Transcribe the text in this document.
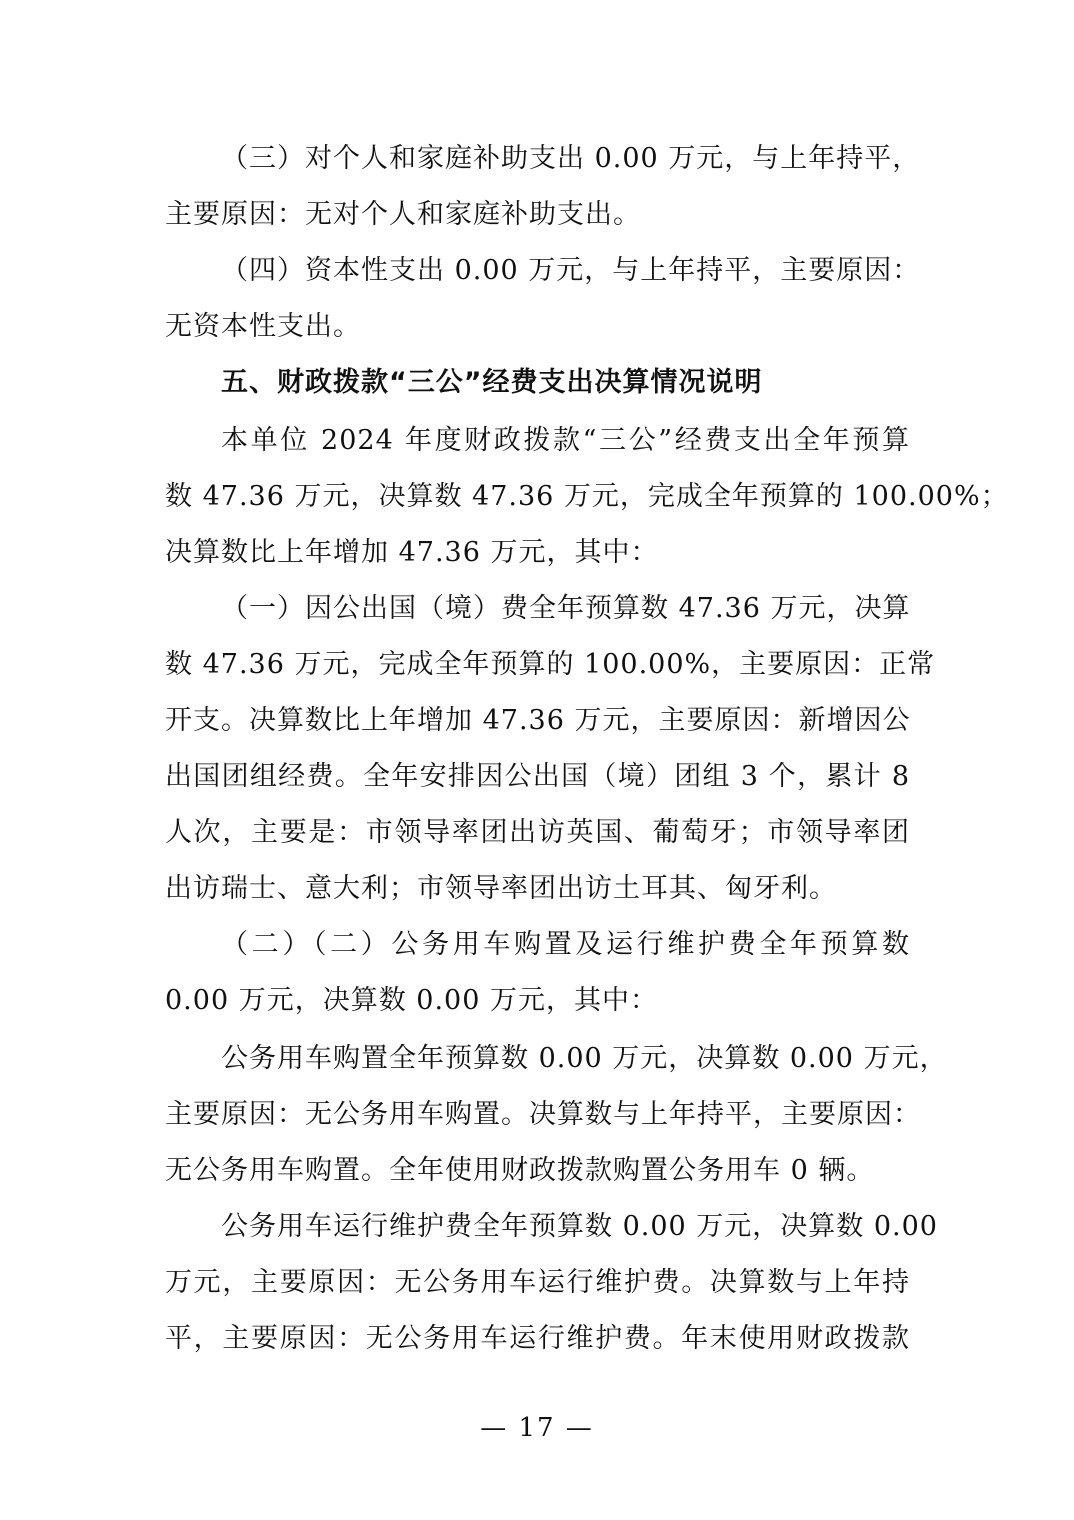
（三）对个人和家庭补助支出 0.00 万元，与上年持平，

主要原因：无对个人和家庭补助支出。

（四）资本性支出 0.00 万元，与上年持平，主要原因：

无资本性支出。

五、财政拨款“三公”经费支出决算情况说明

本单位 2024 年度财政拨款“三公”经费支出全年预算

数 47.36 万元，决算数 47.36 万元，完成全年预算的 100.00%；

决算数比上年增加 47.36 万元，其中：

（一）因公出国（境）费全年预算数 47.36 万元，决算

数 47.36 万元，完成全年预算的 100.00%，主要原因：正常

开支。决算数比上年增加 47.36 万元，主要原因：新增因公

出国团组经费。全年安排因公出国（境）团组 3 个，累计 8

人次，主要是：市领导率团出访英国、葡萄牙；市领导率团

出访瑞士、意大利；市领导率团出访土耳其、匈牙利。

（二）（二）公务用车购置及运行维护费全年预算数

0.00 万元，决算数 0.00 万元，其中：

公务用车购置全年预算数 0.00 万元，决算数 0.00 万元，

主要原因：无公务用车购置。决算数与上年持平，主要原因：

无公务用车购置。全年使用财政拨款购置公务用车 0 辆。

公务用车运行维护费全年预算数 0.00 万元，决算数 0.00

万元，主要原因：无公务用车运行维护费。决算数与上年持

平，主要原因：无公务用车运行维护费。年末使用财政拨款

— 17 —
